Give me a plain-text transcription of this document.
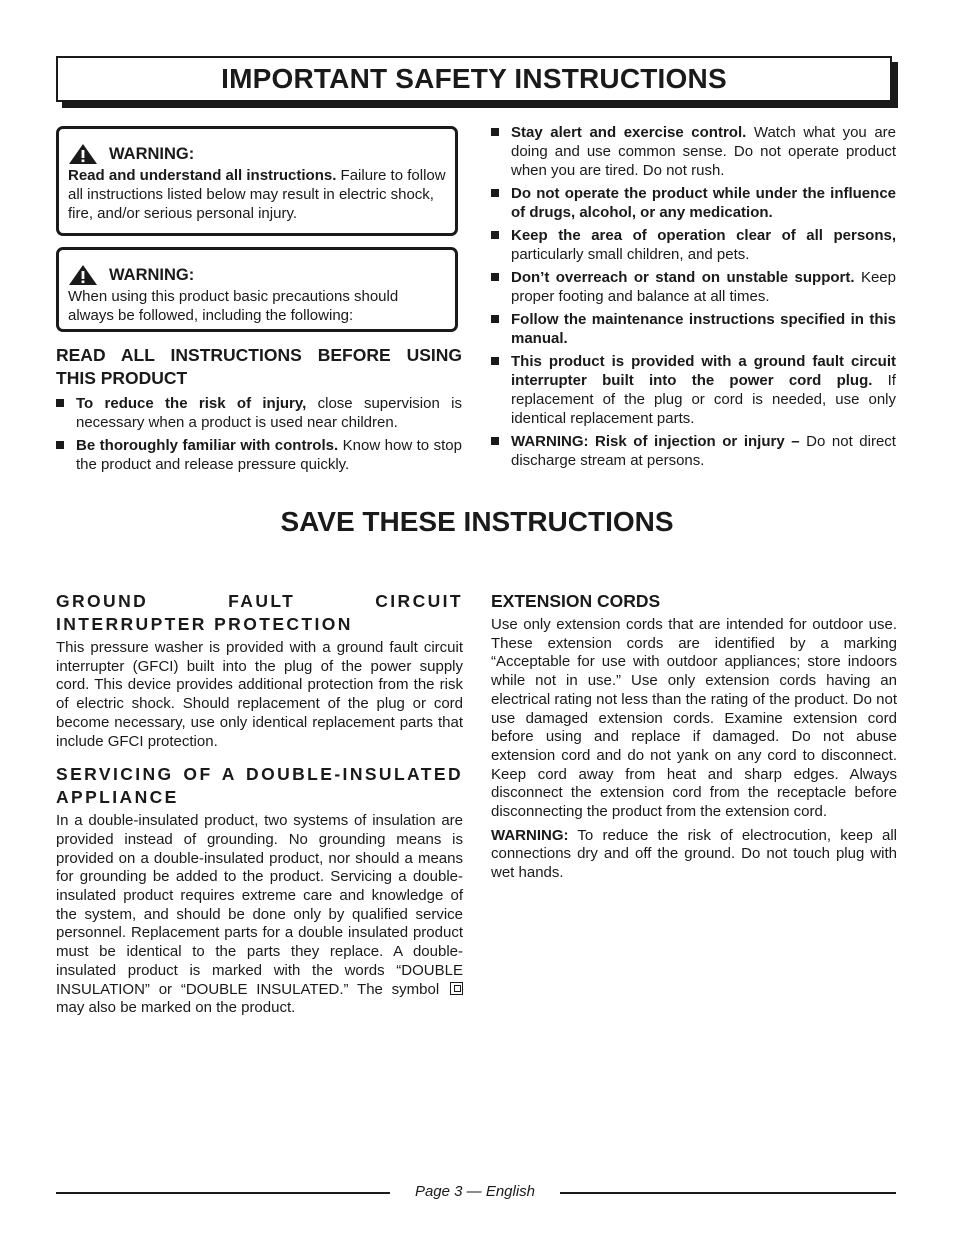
IMPORTANT SAFETY INSTRUCTIONS
WARNING:
Read and understand all instructions. Failure to follow all instructions listed below may result in electric shock, fire, and/or serious personal injury.
WARNING:
When using this product basic precautions should always be followed, including the following:
READ ALL INSTRUCTIONS BEFORE USING THIS PRODUCT
To reduce the risk of injury, close supervision is necessary when a product is used near children.
Be thoroughly familiar with controls. Know how to stop the product and release pressure quickly.
Stay alert and exercise control. Watch what you are doing and use common sense. Do not operate product when you are tired. Do not rush.
Do not operate the product while under the influence of drugs, alcohol, or any medication.
Keep the area of operation clear of all persons, particularly small children, and pets.
Don’t overreach or stand on unstable support. Keep proper footing and balance at all times.
Follow the maintenance instructions specified in this manual.
This product is provided with a ground fault circuit interrupter built into the power cord plug. If replacement of the plug or cord is needed, use only identical replacement parts.
WARNING: Risk of injection or injury – Do not direct discharge stream at persons.
SAVE THESE INSTRUCTIONS
GROUND FAULT CIRCUIT INTERRUPTER PROTECTION
This pressure washer is provided with a ground fault circuit interrupter (GFCI) built into the plug of the power supply cord. This device provides additional protection from the risk of electric shock. Should replacement of the plug or cord become necessary, use only identical replacement parts that include GFCI protection.
SERVICING OF A DOUBLE-INSULATED APPLIANCE
In a double-insulated product, two systems of insulation are provided instead of grounding. No grounding means is provided on a double-insulated product, nor should a means for grounding be added to the product. Servicing a double-insulated product requires extreme care and knowledge of the system, and should be done only by qualified service personnel. Replacement parts for a double insulated product must be identical to the parts they replace. A double-insulated product is marked with the words “DOUBLE INSULATION” or “DOUBLE INSULATED.” The symbol  may also be marked on the product.
EXTENSION CORDS
Use only extension cords that are intended for outdoor use. These extension cords are identified by a marking “Acceptable for use with outdoor appliances; store indoors while not in use.” Use only extension cords having an electrical rating not less than the rating of the product. Do not use damaged extension cords. Examine extension cord before using and replace if damaged. Do not abuse extension cord and do not yank on any cord to disconnect. Keep cord away from heat and sharp edges. Always disconnect the extension cord from the receptacle before disconnecting the product from the extension cord.
WARNING: To reduce the risk of electrocution, keep all connections dry and off the ground. Do not touch plug with wet hands.
Page 3 — English
